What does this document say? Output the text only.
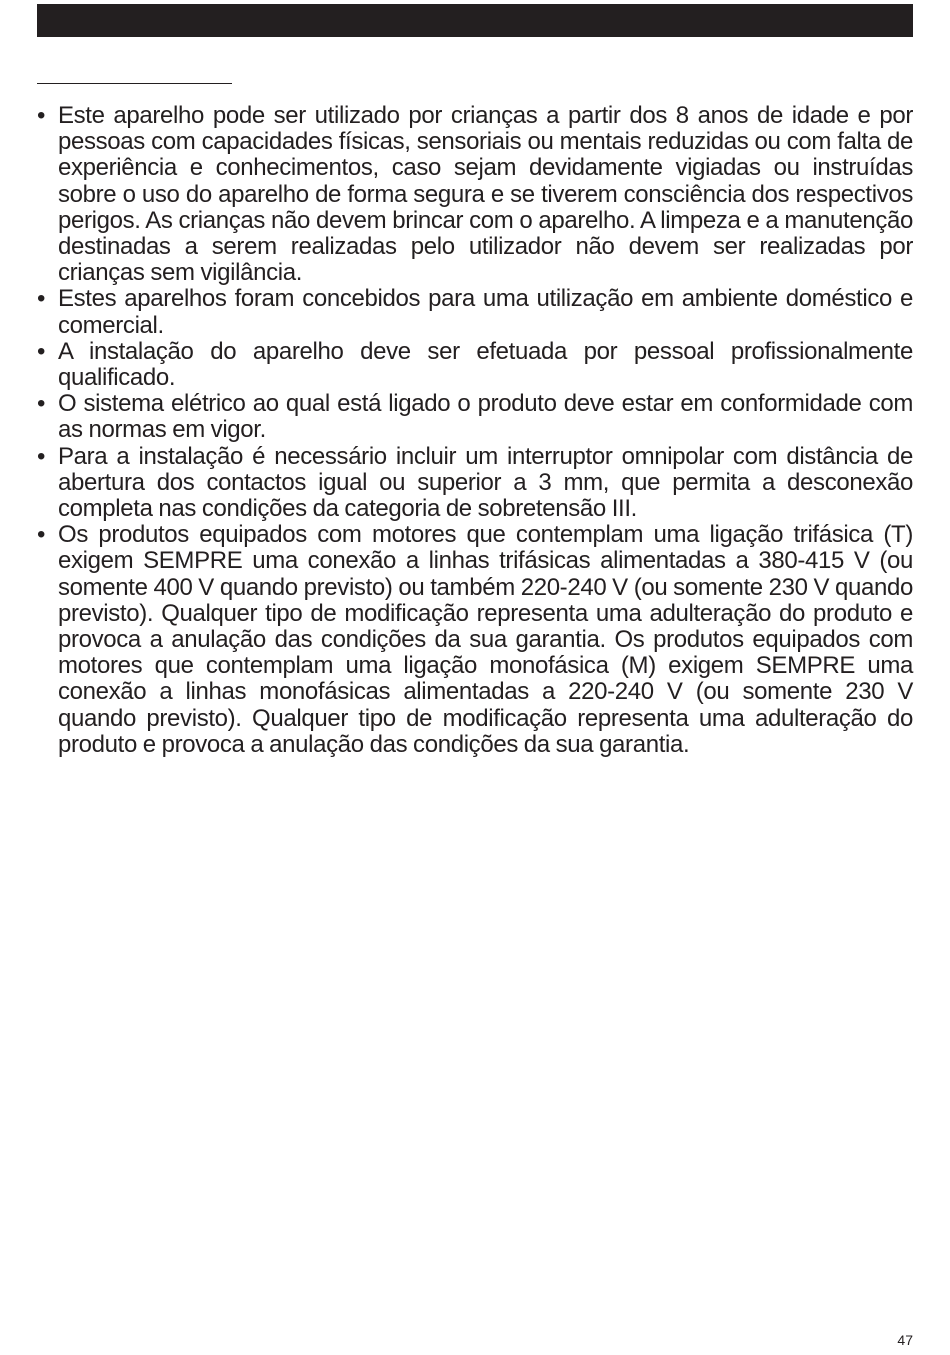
• Este aparelho pode ser utilizado por crianças a partir dos 8 anos de idade e por pessoas com capacidades físicas, sensoriais ou mentais reduzidas ou com falta de experiência e conhecimentos, caso sejam devidamente vigiadas ou instruídas sobre o uso do aparelho de forma segura e se tiverem consciência dos respectivos perigos. As crianças não devem brincar com o aparelho. A limpeza e a manutenção destinadas a serem realizadas pelo utilizador não devem ser realizadas por crianças sem vigilância.
• Estes aparelhos foram concebidos para uma utilização em ambiente doméstico e comercial.
• A instalação do aparelho deve ser efetuada por pessoal profissionalmente qualificado.
• O sistema elétrico ao qual está ligado o produto deve estar em conformidade com as normas em vigor.
• Para a instalação é necessário incluir um interruptor omnipolar com distância de abertura dos contactos igual ou superior a 3 mm, que permita a desconexão completa nas condições da categoria de sobretensão III.
• Os produtos equipados com motores que contemplam uma ligação trifásica (T) exigem SEMPRE uma conexão a linhas trifásicas alimentadas a 380-415 V (ou somente 400 V quando previsto) ou também 220-240 V (ou somente 230 V quando previsto). Qualquer tipo de modificação representa uma adulteração do produto e provoca a anulação das condições da sua garantia. Os produtos equipados com motores que contemplam uma ligação monofásica (M) exigem SEMPRE uma conexão a linhas monofásicas alimentadas a 220-240 V (ou somente 230 V quando previsto). Qualquer tipo de modificação representa uma adulteração do produto e provoca a anulação das condições da sua garantia.
47
